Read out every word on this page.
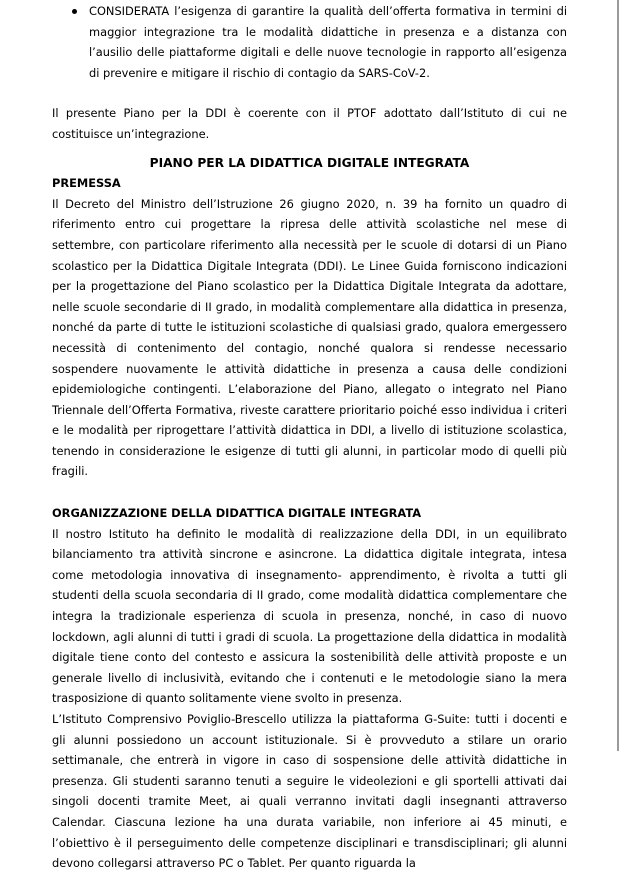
CONSIDERATA l’esigenza di garantire la qualità dell’offerta formativa in termini di maggior integrazione tra le modalità didattiche in presenza e a distanza con l’ausilio delle piattaforme digitali e delle nuove tecnologie in rapporto all’esigenza di prevenire e mitigare il rischio di contagio da SARS-CoV-2.

Il presente Piano per la DDI è coerente con il PTOF adottato dall’Istituto di cui ne costituisce un’integrazione.

PIANO PER LA DIDATTICA DIGITALE INTEGRATA

PREMESSA

Il Decreto del Ministro dell’Istruzione 26 giugno 2020, n. 39 ha fornito un quadro di riferimento entro cui progettare la ripresa delle attività scolastiche nel mese di settembre, con particolare riferimento alla necessità per le scuole di dotarsi di un Piano scolastico per la Didattica Digitale Integrata (DDI). Le Linee Guida forniscono indicazioni per la progettazione del Piano scolastico per la Didattica Digitale Integrata da adottare, nelle scuole secondarie di II grado, in modalità complementare alla didattica in presenza, nonché da parte di tutte le istituzioni scolastiche di qualsiasi grado, qualora emergessero necessità di contenimento del contagio, nonché qualora si rendesse necessario sospendere nuovamente le attività didattiche in presenza a causa delle condizioni epidemiologiche contingenti. L’elaborazione del Piano, allegato o integrato nel Piano Triennale dell’Offerta Formativa, riveste carattere prioritario poiché esso individua i criteri e le modalità per riprogettare l’attività didattica in DDI, a livello di istituzione scolastica, tenendo in considerazione le esigenze di tutti gli alunni, in particolar modo di quelli più fragili.

ORGANIZZAZIONE DELLA DIDATTICA DIGITALE INTEGRATA

Il nostro Istituto ha definito le modalità di realizzazione della DDI, in un equilibrato bilanciamento tra attività sincrone e asincrone. La didattica digitale integrata, intesa come metodologia innovativa di insegnamento- apprendimento, è rivolta a tutti gli studenti della scuola secondaria di II grado, come modalità didattica complementare che integra la tradizionale esperienza di scuola in presenza, nonché, in caso di nuovo lockdown, agli alunni di tutti i gradi di scuola. La progettazione della didattica in modalità digitale tiene conto del contesto e assicura la sostenibilità delle attività proposte e un generale livello di inclusività, evitando che i contenuti e le metodologie siano la mera trasposizione di quanto solitamente viene svolto in presenza.

L’Istituto Comprensivo Poviglio-Brescello utilizza la piattaforma G-Suite: tutti i docenti e gli alunni possiedono un account istituzionale. Si è provveduto a stilare un orario settimanale, che entrerà in vigore in caso di sospensione delle attività didattiche in presenza. Gli studenti saranno tenuti a seguire le videolezioni e gli sportelli attivati dai singoli docenti tramite Meet, ai quali verranno invitati dagli insegnanti attraverso Calendar. Ciascuna lezione ha una durata variabile, non inferiore ai 45 minuti, e l’obiettivo è il perseguimento delle competenze disciplinari e transdisciplinari; gli alunni devono collegarsi attraverso PC o Tablet. Per quanto riguarda la
